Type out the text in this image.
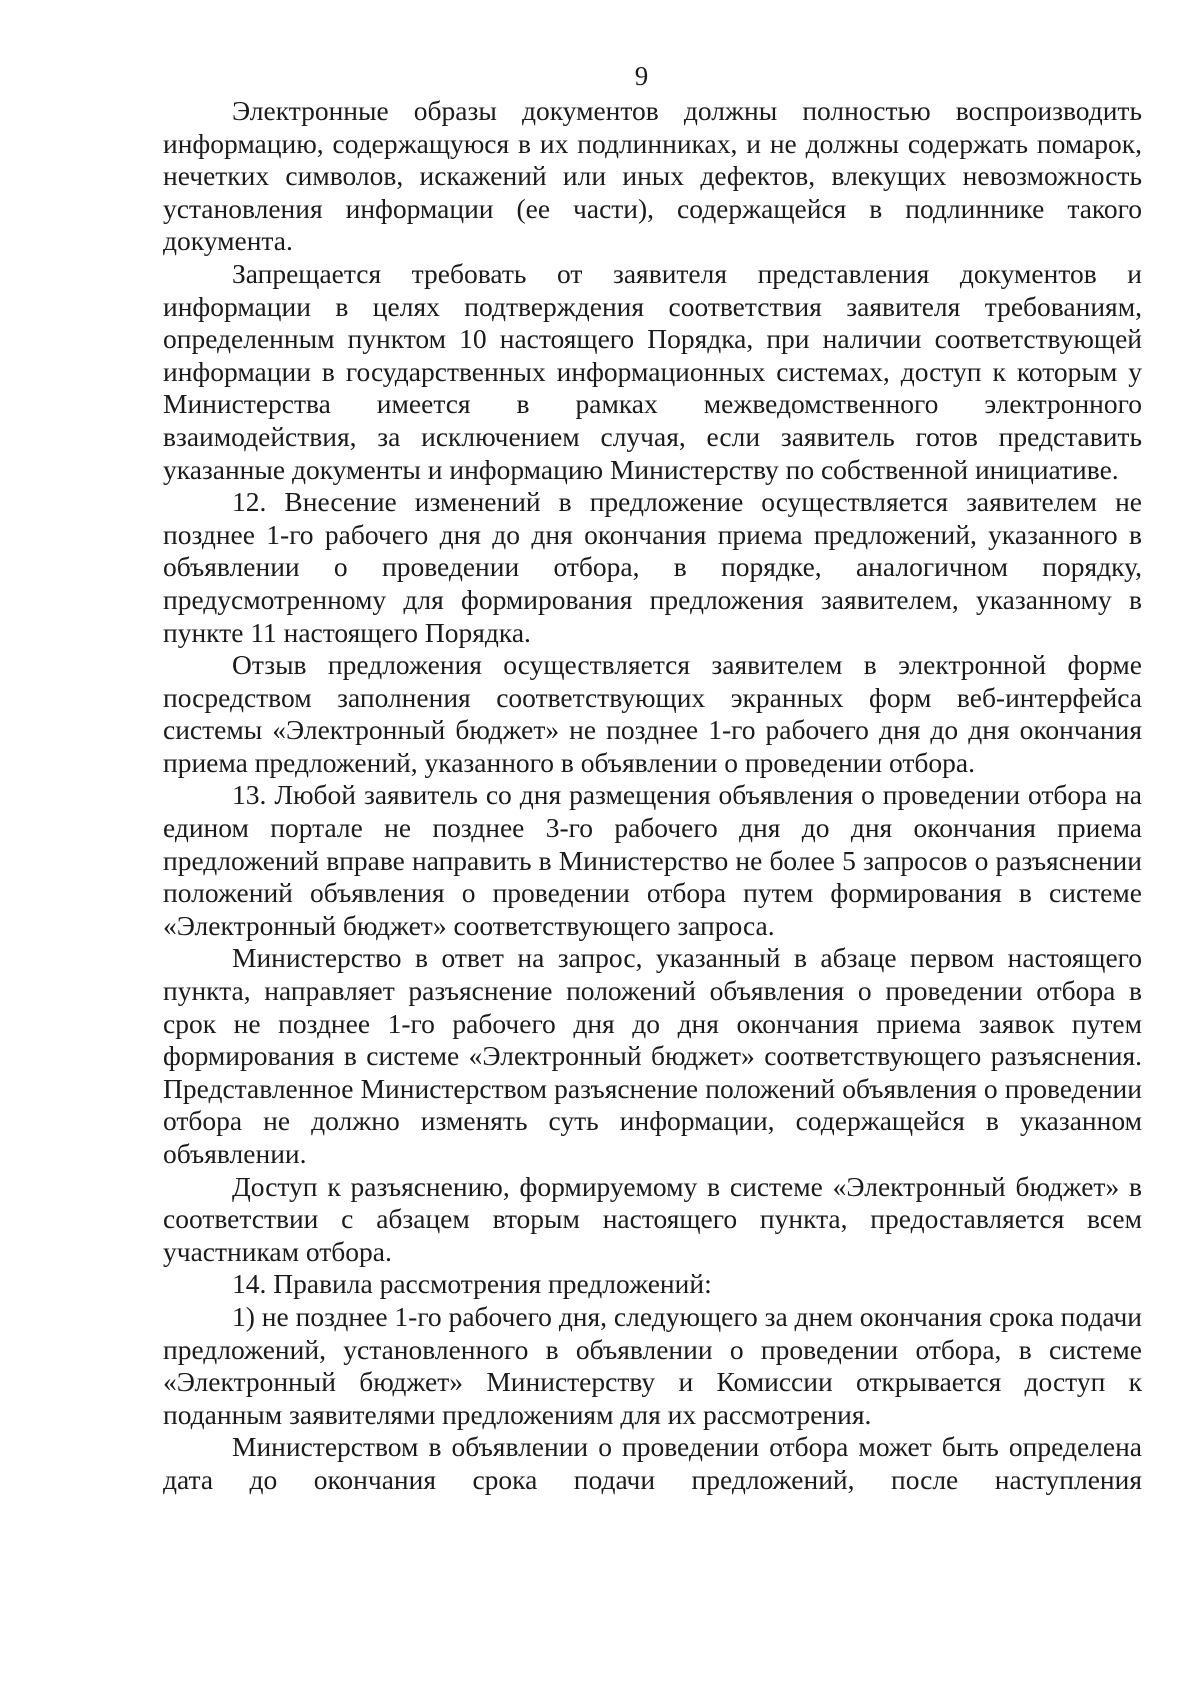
9

Электронные образы документов должны полностью воспроизводить информацию, содержащуюся в их подлинниках, и не должны содержать помарок, нечетких символов, искажений или иных дефектов, влекущих невозможность установления информации (ее части), содержащейся в подлиннике такого документа.

Запрещается требовать от заявителя представления документов и информации в целях подтверждения соответствия заявителя требованиям, определенным пунктом 10 настоящего Порядка, при наличии соответствующей информации в государственных информационных системах, доступ к которым у Министерства имеется в рамках межведомственного электронного взаимодействия, за исключением случая, если заявитель готов представить указанные документы и информацию Министерству по собственной инициативе.

12. Внесение изменений в предложение осуществляется заявителем не позднее 1-го рабочего дня до дня окончания приема предложений, указанного в объявлении о проведении отбора, в порядке, аналогичном порядку, предусмотренному для формирования предложения заявителем, указанному в пункте 11 настоящего Порядка.

Отзыв предложения осуществляется заявителем в электронной форме посредством заполнения соответствующих экранных форм веб-интерфейса системы «Электронный бюджет» не позднее 1-го рабочего дня до дня окончания приема предложений, указанного в объявлении о проведении отбора.

13. Любой заявитель со дня размещения объявления о проведении отбора на едином портале не позднее 3-го рабочего дня до дня окончания приема предложений вправе направить в Министерство не более 5 запросов о разъяснении положений объявления о проведении отбора путем формирования в системе «Электронный бюджет» соответствующего запроса.

Министерство в ответ на запрос, указанный в абзаце первом настоящего пункта, направляет разъяснение положений объявления о проведении отбора в срок не позднее 1-го рабочего дня до дня окончания приема заявок путем формирования в системе «Электронный бюджет» соответствующего разъяснения. Представленное Министерством разъяснение положений объявления о проведении отбора не должно изменять суть информации, содержащейся в указанном объявлении.

Доступ к разъяснению, формируемому в системе «Электронный бюджет» в соответствии с абзацем вторым настоящего пункта, предоставляется всем участникам отбора.

14. Правила рассмотрения предложений:

1) не позднее 1-го рабочего дня, следующего за днем окончания срока подачи предложений, установленного в объявлении о проведении отбора, в системе «Электронный бюджет» Министерству и Комиссии открывается доступ к поданным заявителями предложениям для их рассмотрения.

Министерством в объявлении о проведении отбора может быть определена дата до окончания срока подачи предложений, после наступления
